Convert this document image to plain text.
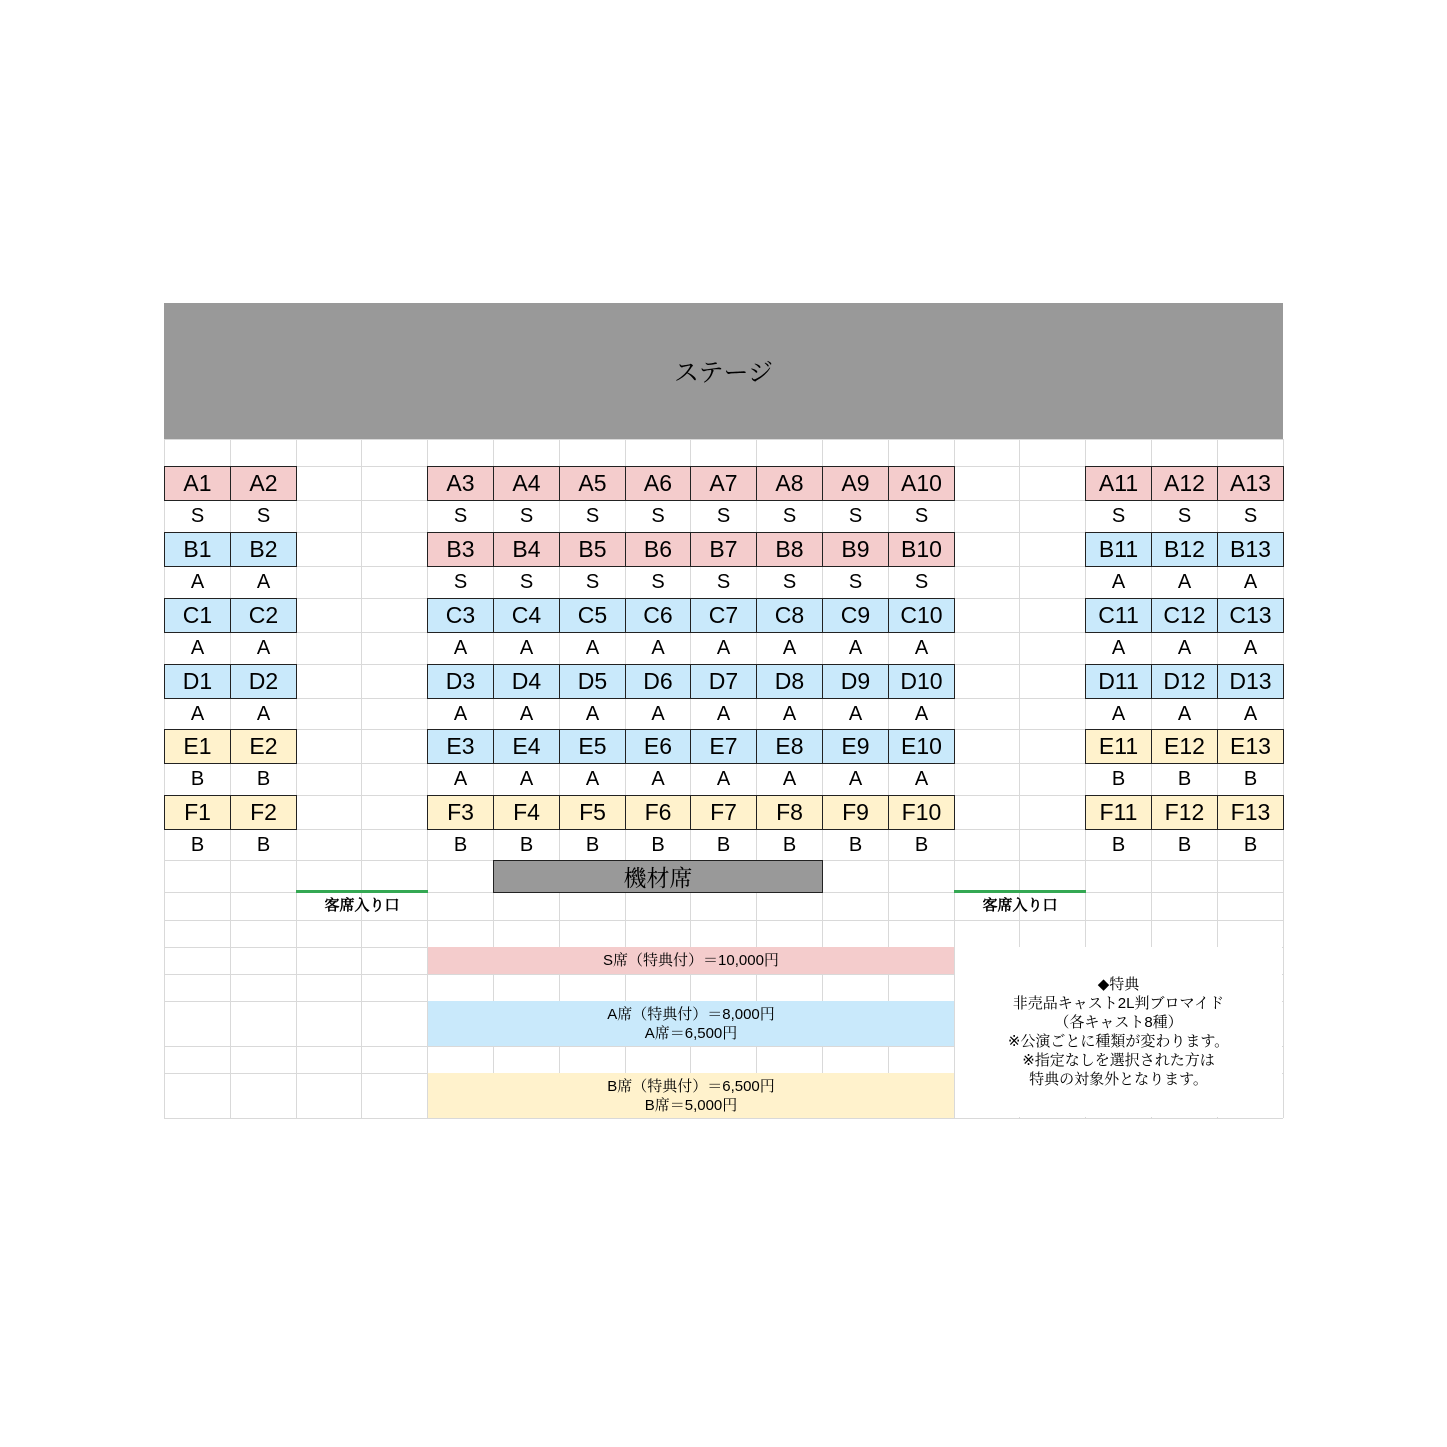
ステージ
A1
S
A2
S
A3
S
A4
S
A5
S
A6
S
A7
S
A8
S
A9
S
A10
S
A11
S
A12
S
A13
S
B1
A
B2
A
B3
S
B4
S
B5
S
B6
S
B7
S
B8
S
B9
S
B10
S
B11
A
B12
A
B13
A
C1
A
C2
A
C3
A
C4
A
C5
A
C6
A
C7
A
C8
A
C9
A
C10
A
C11
A
C12
A
C13
A
D1
A
D2
A
D3
A
D4
A
D5
A
D6
A
D7
A
D8
A
D9
A
D10
A
D11
A
D12
A
D13
A
E1
B
E2
B
E3
A
E4
A
E5
A
E6
A
E7
A
E8
A
E9
A
E10
A
E11
B
E12
B
E13
B
F1
B
F2
B
F3
B
F4
B
F5
B
F6
B
F7
B
F8
B
F9
B
F10
B
F11
B
F12
B
F13
B
機材席
客席入り口	客席入り口
S席（特典付）＝10,000円
A席（特典付）＝8,000円
A席＝6,500円
B席（特典付）＝6,500円
B席＝5,000円
◆特典
非売品キャスト2L判ブロマイド
（各キャスト8種）
※公演ごとに種類が変わります。
※指定なしを選択された方は
特典の対象外となります。
